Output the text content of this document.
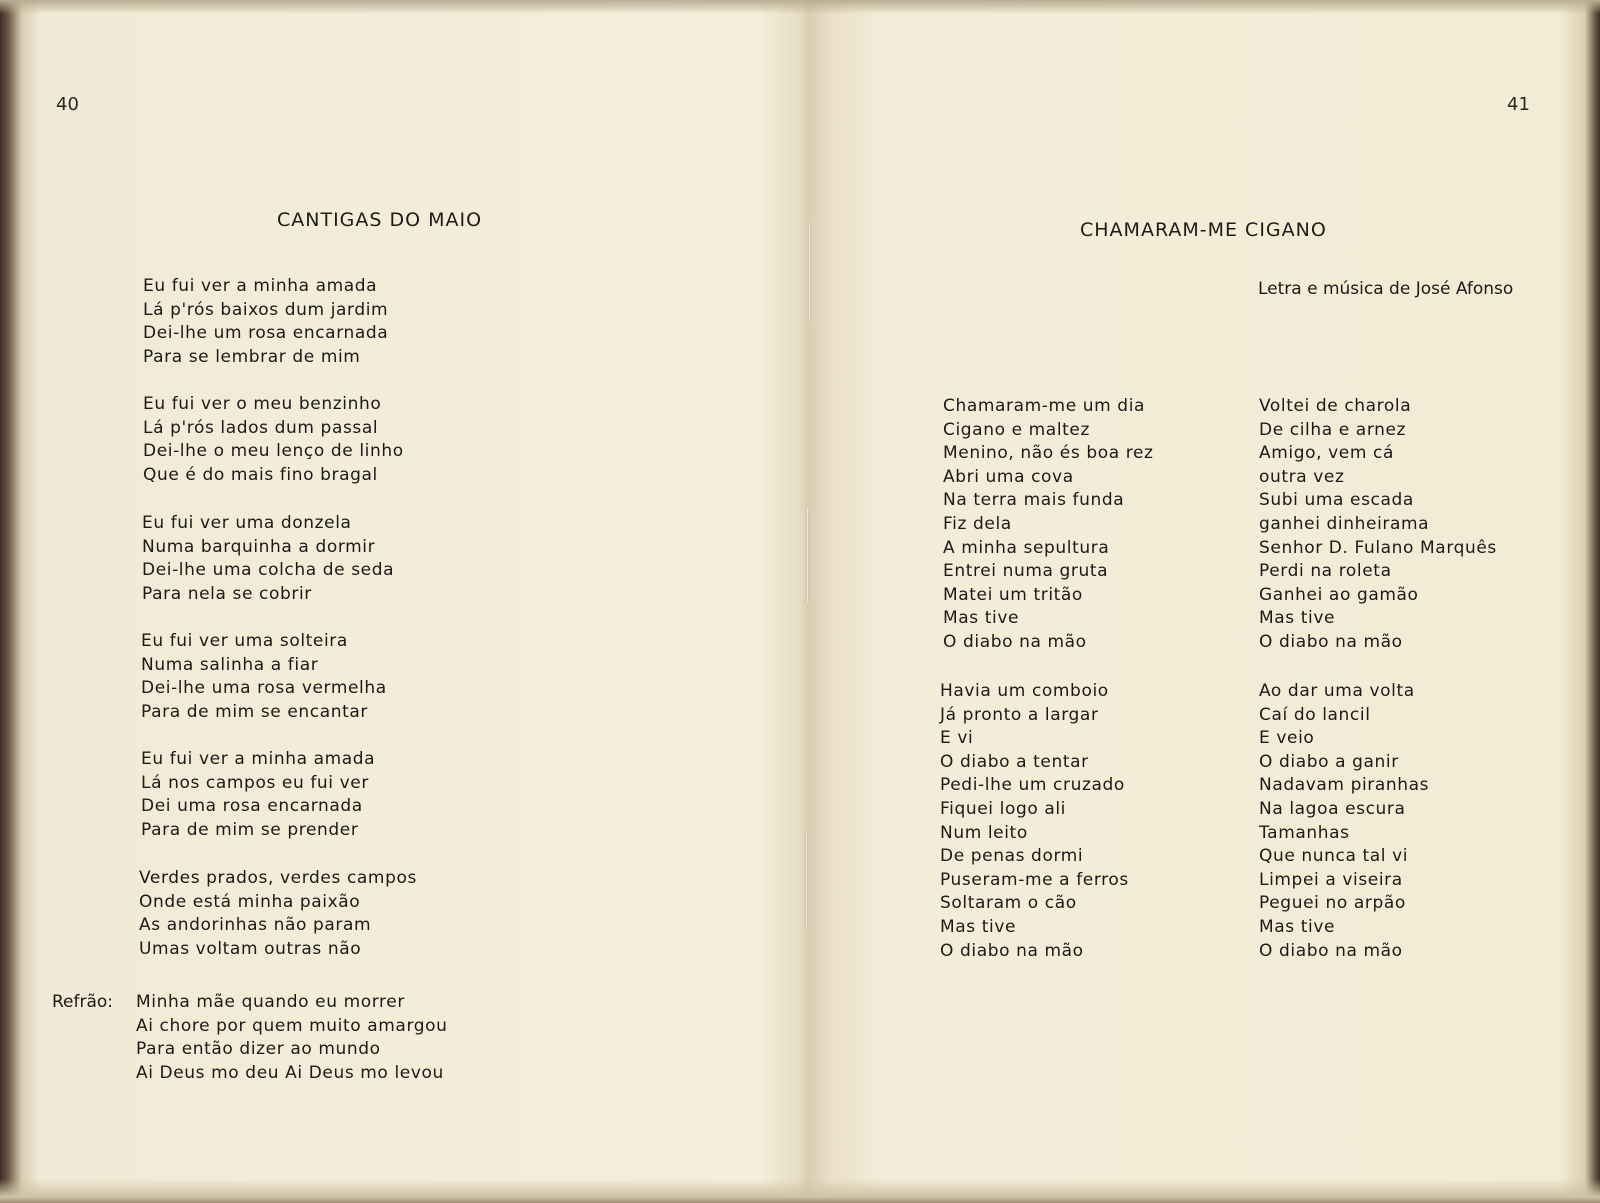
40
CANTIGAS DO MAIO
Eu fui ver a minha amada
Lá p'rós baixos dum jardim
Dei-lhe um rosa encarnada
Para se lembrar de mim
Eu fui ver o meu benzinho
Lá p'rós lados dum passal
Dei-lhe o meu lenço de linho
Que é do mais fino bragal
Eu fui ver uma donzela
Numa barquinha a dormir
Dei-lhe uma colcha de seda
Para nela se cobrir
Eu fui ver uma solteira
Numa salinha a fiar
Dei-lhe uma rosa vermelha
Para de mim se encantar
Eu fui ver a minha amada
Lá nos campos eu fui ver
Dei uma rosa encarnada
Para de mim se prender
Verdes prados, verdes campos
Onde está minha paixão
As andorinhas não param
Umas voltam outras não
Refrão: Minha mãe quando eu morrer
Ai chore por quem muito amargou
Para então dizer ao mundo
Ai Deus mo deu Ai Deus mo levou
41
CHAMARAM-ME CIGANO
Letra e música de José Afonso
Chamaram-me um dia
Cigano e maltez
Menino, não és boa rez
Abri uma cova
Na terra mais funda
Fiz dela
A minha sepultura
Entrei numa gruta
Matei um tritão
Mas tive
O diabo na mão
Havia um comboio
Já pronto a largar
E vi
O diabo a tentar
Pedi-lhe um cruzado
Fiquei logo ali
Num leito
De penas dormi
Puseram-me a ferros
Soltaram o cão
Mas tive
O diabo na mão
Voltei de charola
De cilha e arnez
Amigo, vem cá
outra vez
Subi uma escada
ganhei dinheirama
Senhor D. Fulano Marquês
Perdi na roleta
Ganhei ao gamão
Mas tive
O diabo na mão
Ao dar uma volta
Caí do lancil
E veio
O diabo a ganir
Nadavam piranhas
Na lagoa escura
Tamanhas
Que nunca tal vi
Limpei a viseira
Peguei no arpão
Mas tive
O diabo na mão
